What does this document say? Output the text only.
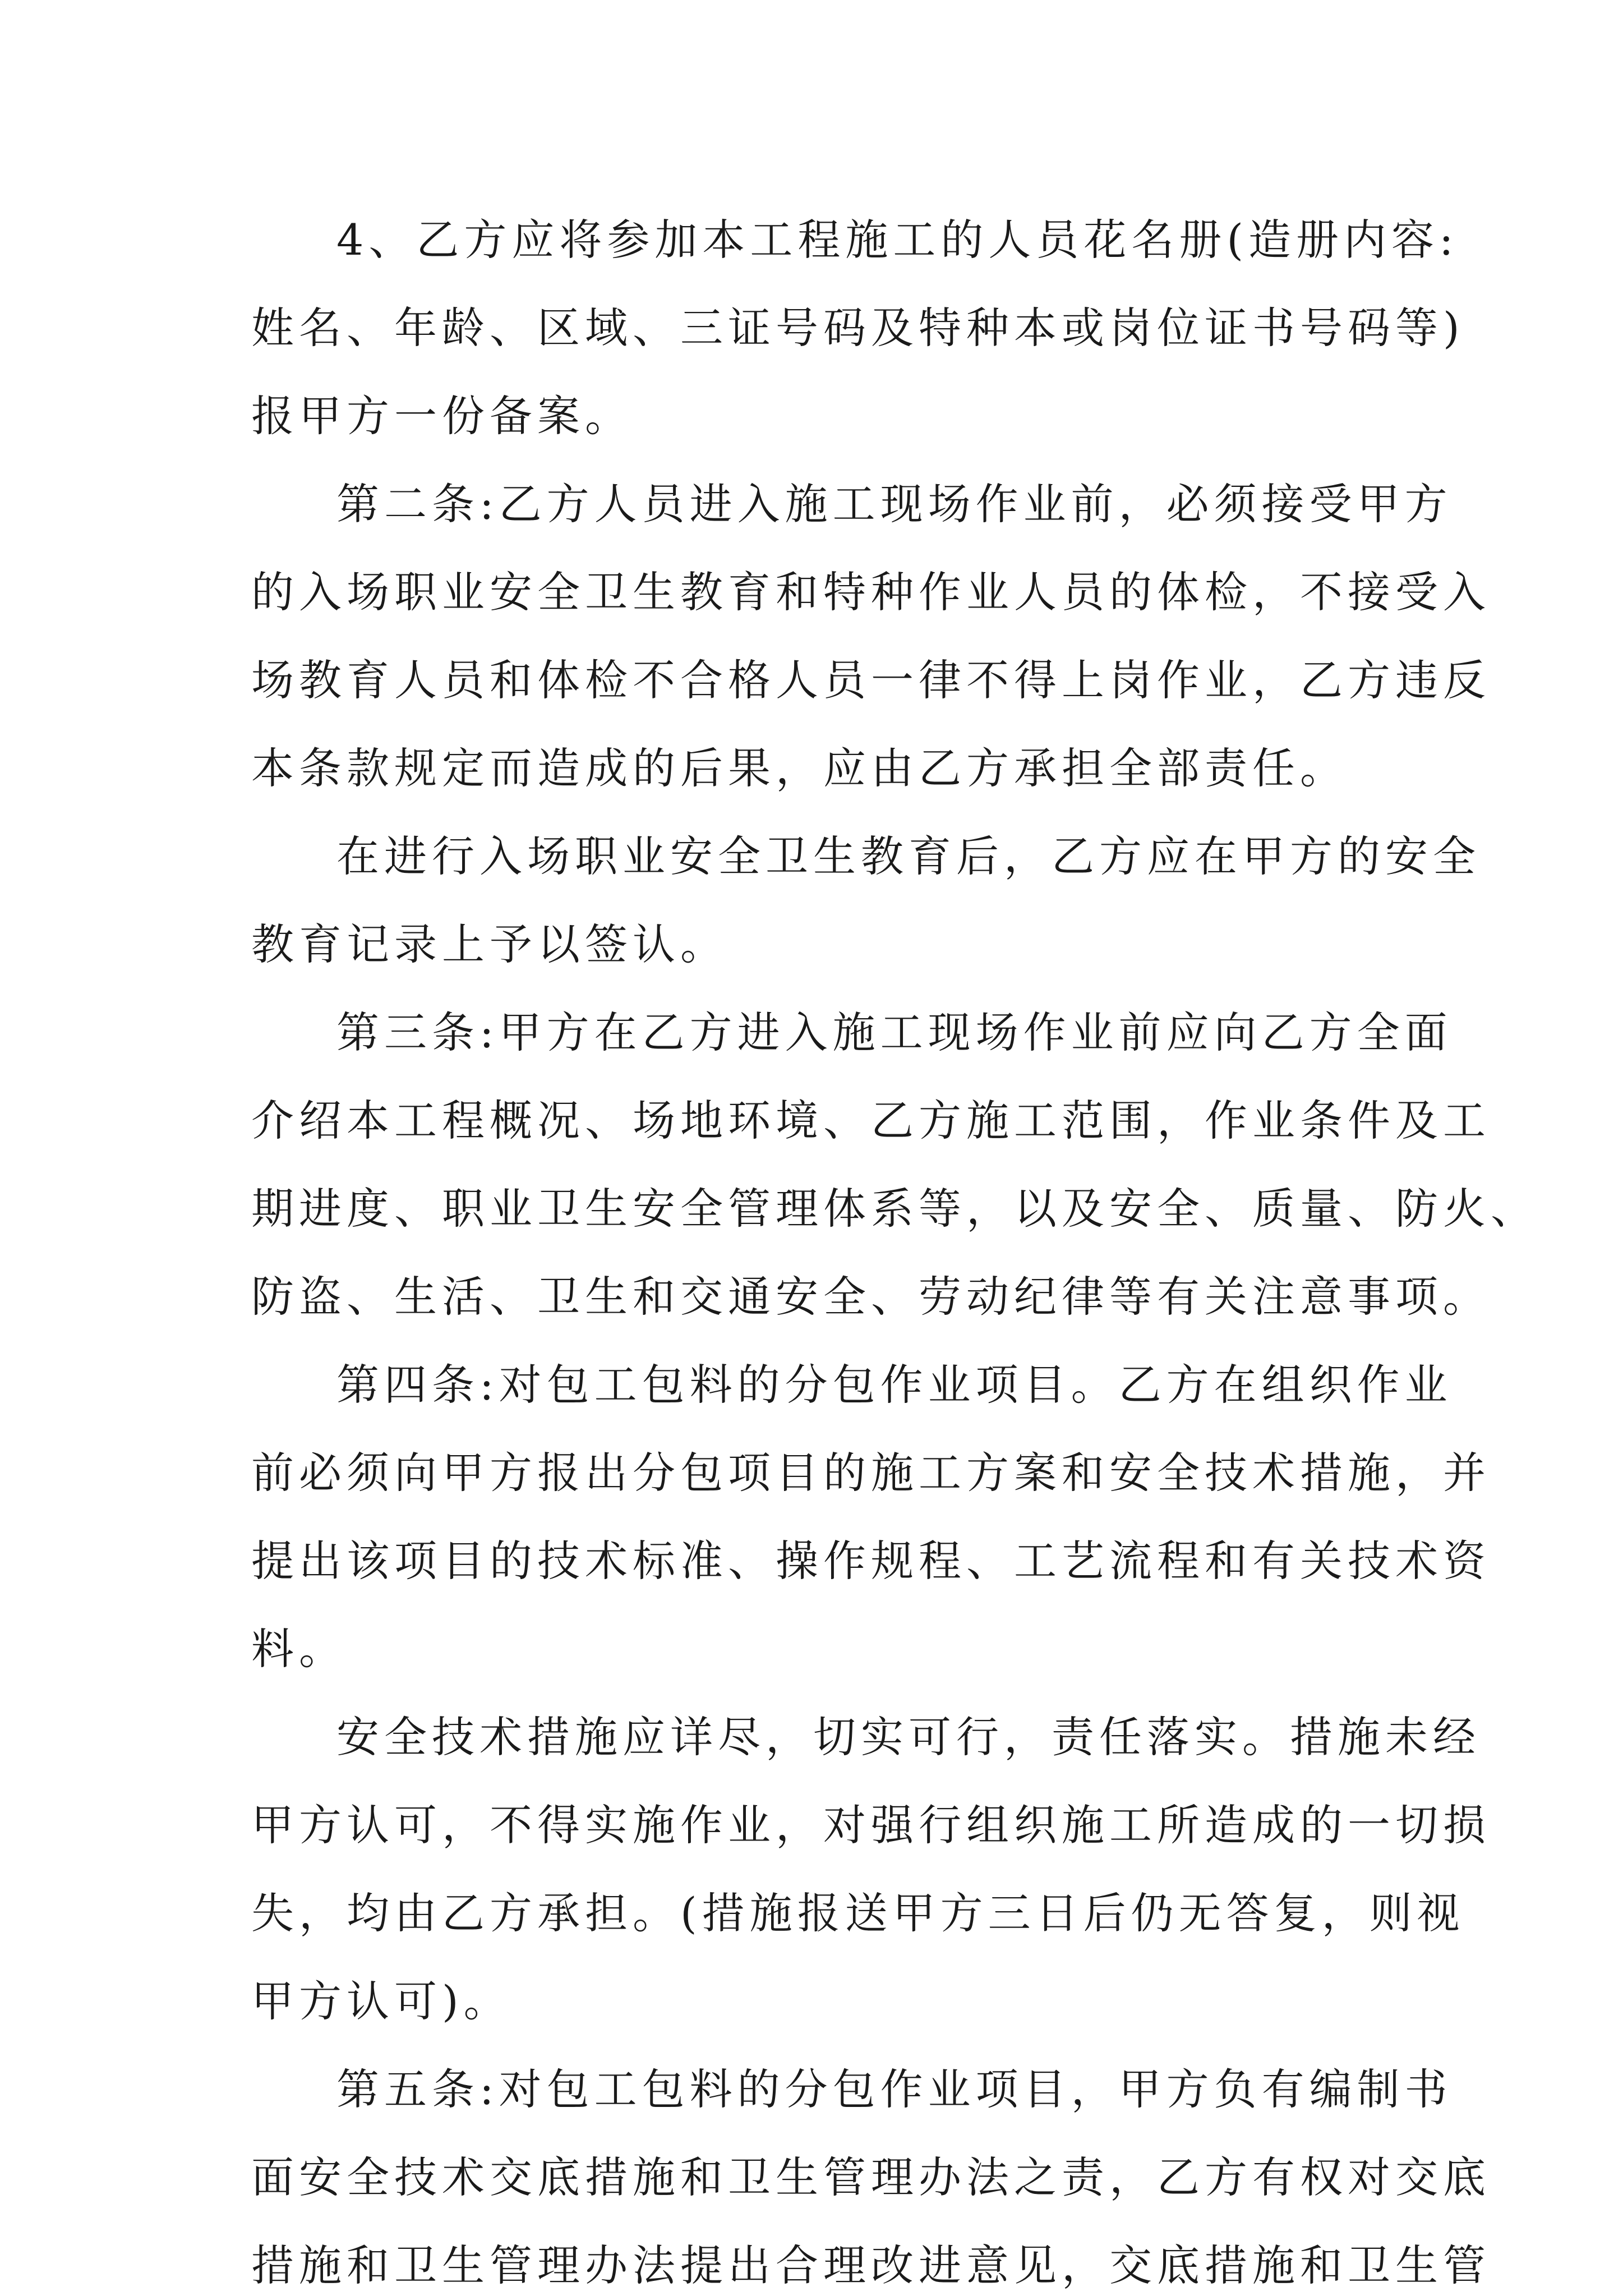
4、乙方应将参加本工程施工的人员花名册(造册内容:

姓名、年龄、区域、三证号码及特种本或岗位证书号码等)

报甲方一份备案。

第二条:乙方人员进入施工现场作业前，必须接受甲方

的入场职业安全卫生教育和特种作业人员的体检，不接受入

场教育人员和体检不合格人员一律不得上岗作业，乙方违反

本条款规定而造成的后果，应由乙方承担全部责任。

在进行入场职业安全卫生教育后，乙方应在甲方的安全

教育记录上予以签认。

第三条:甲方在乙方进入施工现场作业前应向乙方全面

介绍本工程概况、场地环境、乙方施工范围，作业条件及工

期进度、职业卫生安全管理体系等，以及安全、质量、防火、

防盗、生活、卫生和交通安全、劳动纪律等有关注意事项。

第四条:对包工包料的分包作业项目。乙方在组织作业

前必须向甲方报出分包项目的施工方案和安全技术措施，并

提出该项目的技术标准、操作规程、工艺流程和有关技术资

料。

安全技术措施应详尽，切实可行，责任落实。措施未经

甲方认可，不得实施作业，对强行组织施工所造成的一切损

失，均由乙方承担。(措施报送甲方三日后仍无答复，则视

甲方认可)。

第五条:对包工包料的分包作业项目，甲方负有编制书

面安全技术交底措施和卫生管理办法之责，乙方有权对交底

措施和卫生管理办法提出合理改进意见，交底措施和卫生管
